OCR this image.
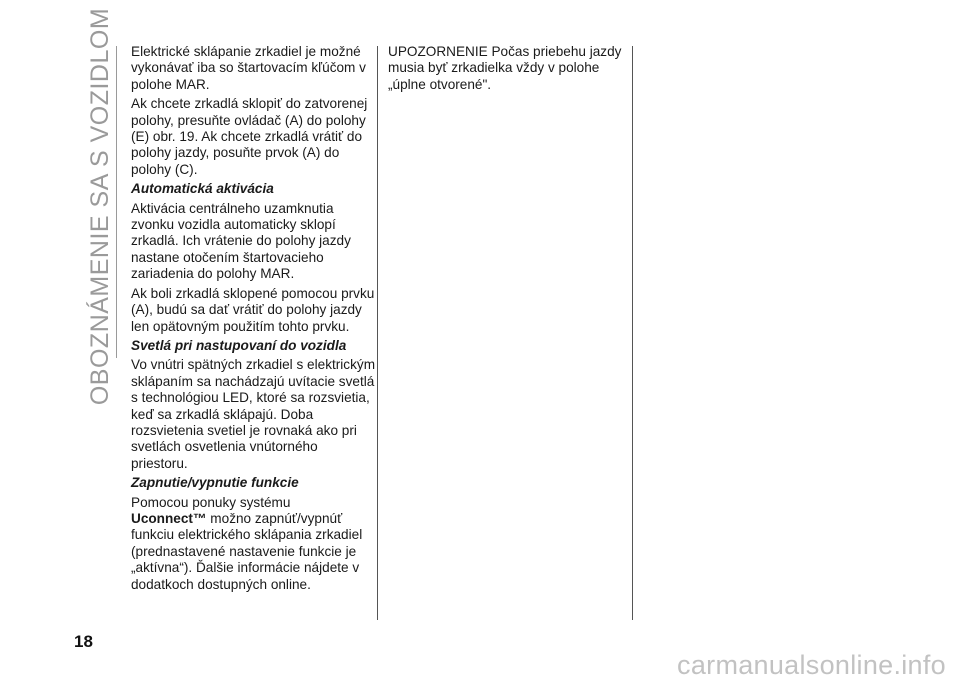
OBOZNÁMENIE SA S VOZIDLOM Elektrické sklápanie zrkadiel je možné vykonávať iba so štartovacím kľúčom v polohe MAR.

Ak chcete zrkadlá sklopiť do zatvorenej polohy, presuňte ovládač (A) do polohy (E) obr. 19. Ak chcete zrkadlá vrátiť do polohy jazdy, posuňte prvok (A) do polohy (C).

Automatická aktivácia

Aktivácia centrálneho uzamknutia zvonku vozidla automaticky sklopí zrkadlá. Ich vrátenie do polohy jazdy nastane otočením štartovacieho zariadenia do polohy MAR.

Ak boli zrkadlá sklopené pomocou prvku (A), budú sa dať vrátiť do polohy jazdy len opätovným použitím tohto prvku.

Svetlá pri nastupovaní do vozidla

Vo vnútri spätných zrkadiel s elektrickým sklápaním sa nachádzajú uvítacie svetlá s technológiou LED, ktoré sa rozsvietia, keď sa zrkadlá sklápajú. Doba rozsvietenia svetiel je rovnaká ako pri svetlách osvetlenia vnútorného priestoru.

Zapnutie/vypnutie funkcie

Pomocou ponuky systému
Uconnect™ možno zapnúť/vypnúť funkciu elektrického sklápania zrkadiel (prednastavené nastavenie funkcie je „aktívna“). Ďalšie informácie nájdete v dodatkoch dostupných online.

UPOZORNENIE Počas priebehu jazdy musia byť zrkadielka vždy v polohe „úplne otvorené".

18
carmanualsonline.info
